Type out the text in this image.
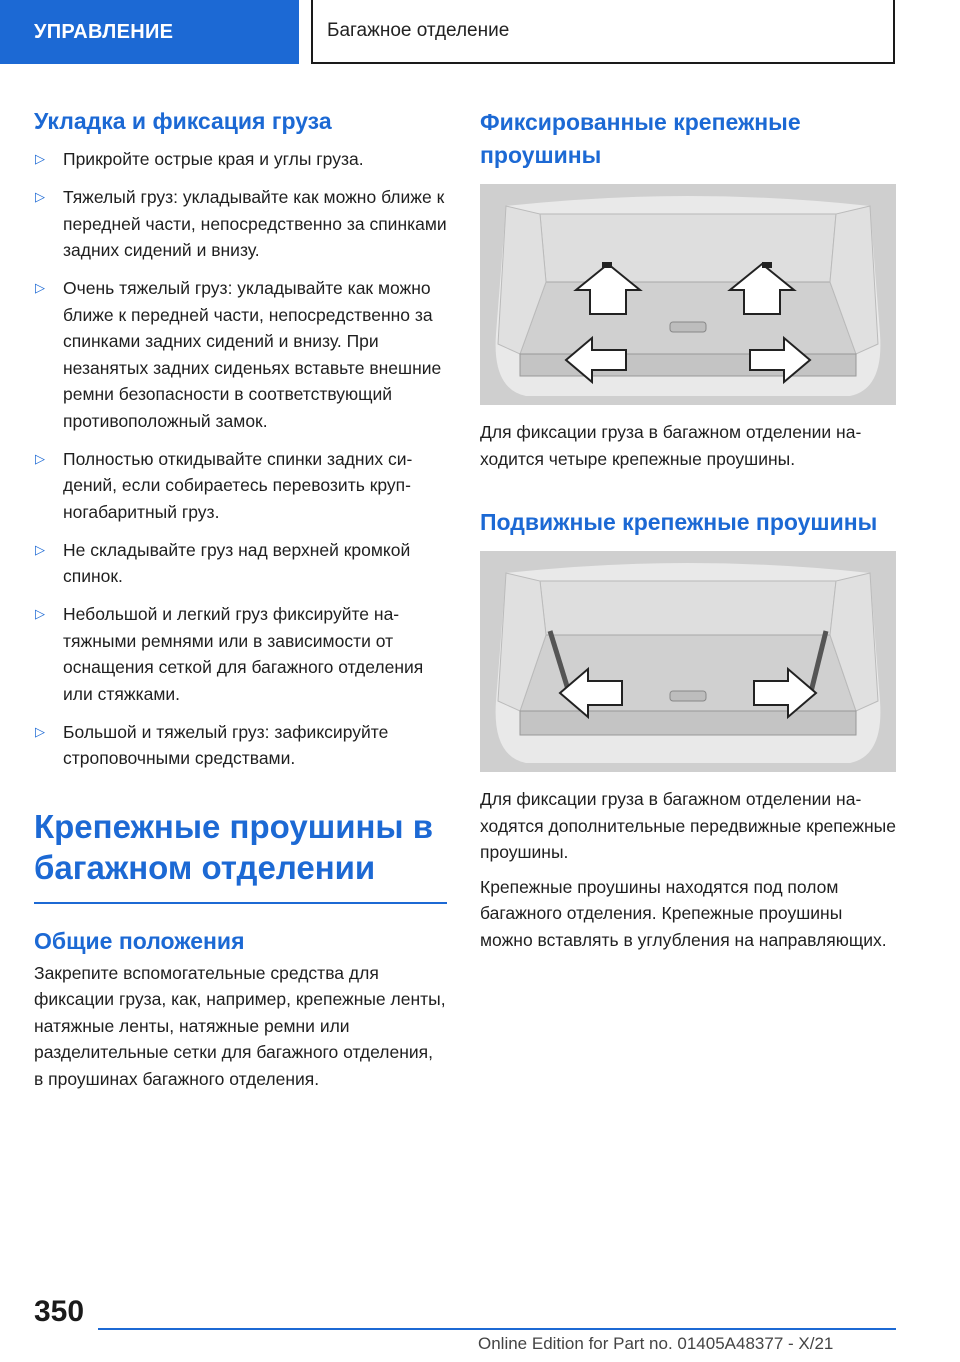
УПРАВЛЕНИЕ	Багажное отделение
Укладка и фиксация груза
▷ Прикройте острые края и углы груза.
▷ Тяжелый груз: укладывайте как можно ближе к передней части, непосредственно за спинками задних сидений и внизу.
▷ Очень тяжелый груз: укладывайте как можно ближе к передней части, непосредственно за спинками задних сидений и внизу. При незанятых задних сиденьях вставьте внешние ремни безопасности в соответствующий противоположный замок.
▷ Полностью откидывайте спинки задних сидений, если собираетесь перевозить крупногабаритный груз.
▷ Не складывайте груз над верхней кромкой спинок.
▷ Небольшой и легкий груз фиксируйте натяжными ремнями или в зависимости от оснащения сеткой для багажного отделения или стяжками.
▷ Большой и тяжелый груз: зафиксируйте строповочными средствами.
Крепежные проушины в багажном отделении
Общие положения

Закрепите вспомогательные средства для фиксации груза, как, например, крепежные ленты, натяжные ленты, натяжные ремни или разделительные сетки для багажного отделения, в проушинах багажного отделения.

Фиксированные крепежные проушины

Для фиксации груза в багажном отделении находится четыре крепежные проушины.

Подвижные крепежные проушины

Для фиксации груза в багажном отделении находятся дополнительные передвижные крепежные проушины.

Крепежные проушины находятся под полом багажного отделения. Крепежные проушины можно вставлять в углубления на направляющих.

350
Online Edition for Part no. 01405A48377 - X/21
